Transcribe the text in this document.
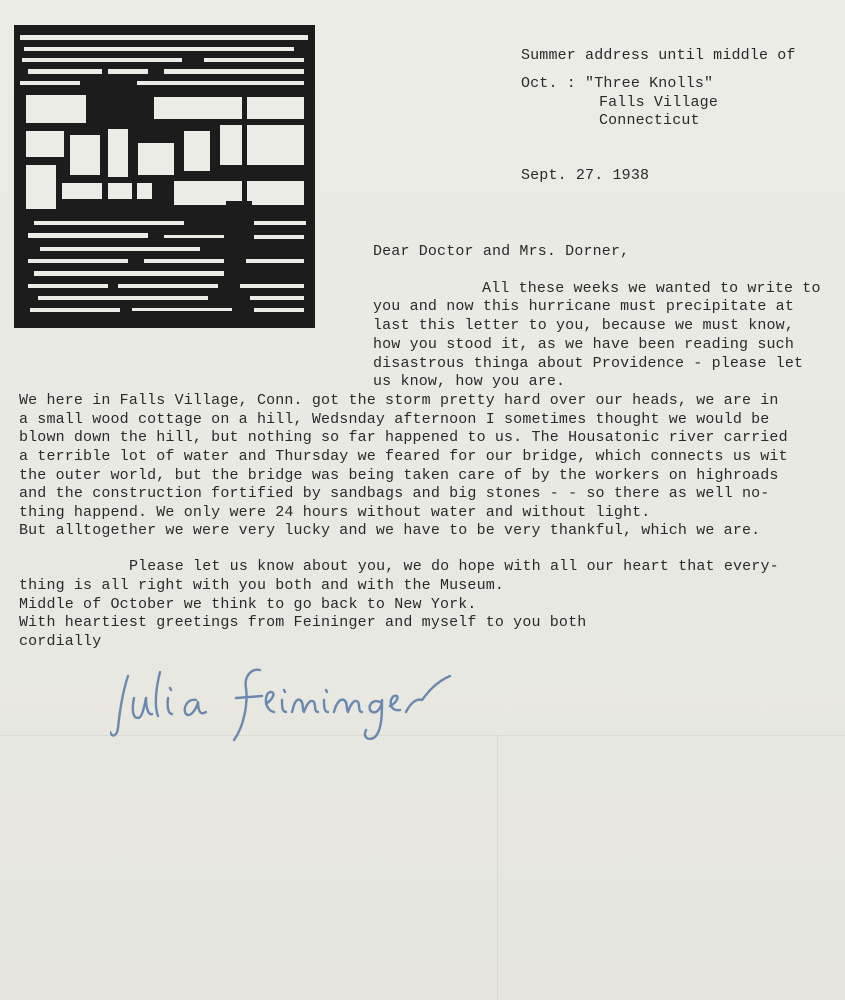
Summer address until middle of
Oct. : "Three Knolls"
Falls Village
Connecticut
Sept. 27. 1938
Dear Doctor and Mrs. Dorner,
All these weeks we wanted to write to
you and now this hurricane must precipitate at
last this letter to you, because we must know,
how you stood it, as we have been reading such
disastrous thinga about Providence - please let
us know, how you are.
We here in Falls Village, Conn. got the storm pretty hard over our heads, we are in
a small wood cottage on a hill, Wedsnday afternoon I sometimes thought we would be
blown down the hill, but nothing so far happened to us. The Housatonic river carried
a terrible lot of water and Thursday we feared for our bridge, which connects us wit
the outer world, but the bridge was being taken care of by the workers on highroads
and the construction fortified by sandbags and big stones - - so there as well no-
thing happend. We only were 24 hours without water and without light.
But alltogether we were very lucky and we have to be very thankful, which we are.
Please let us know about you, we do hope with all our heart that every-
thing is all right with you both and with the Museum.
Middle of October we think to go back to New York.
With heartiest greetings from Feininger and myself to you both
cordially
